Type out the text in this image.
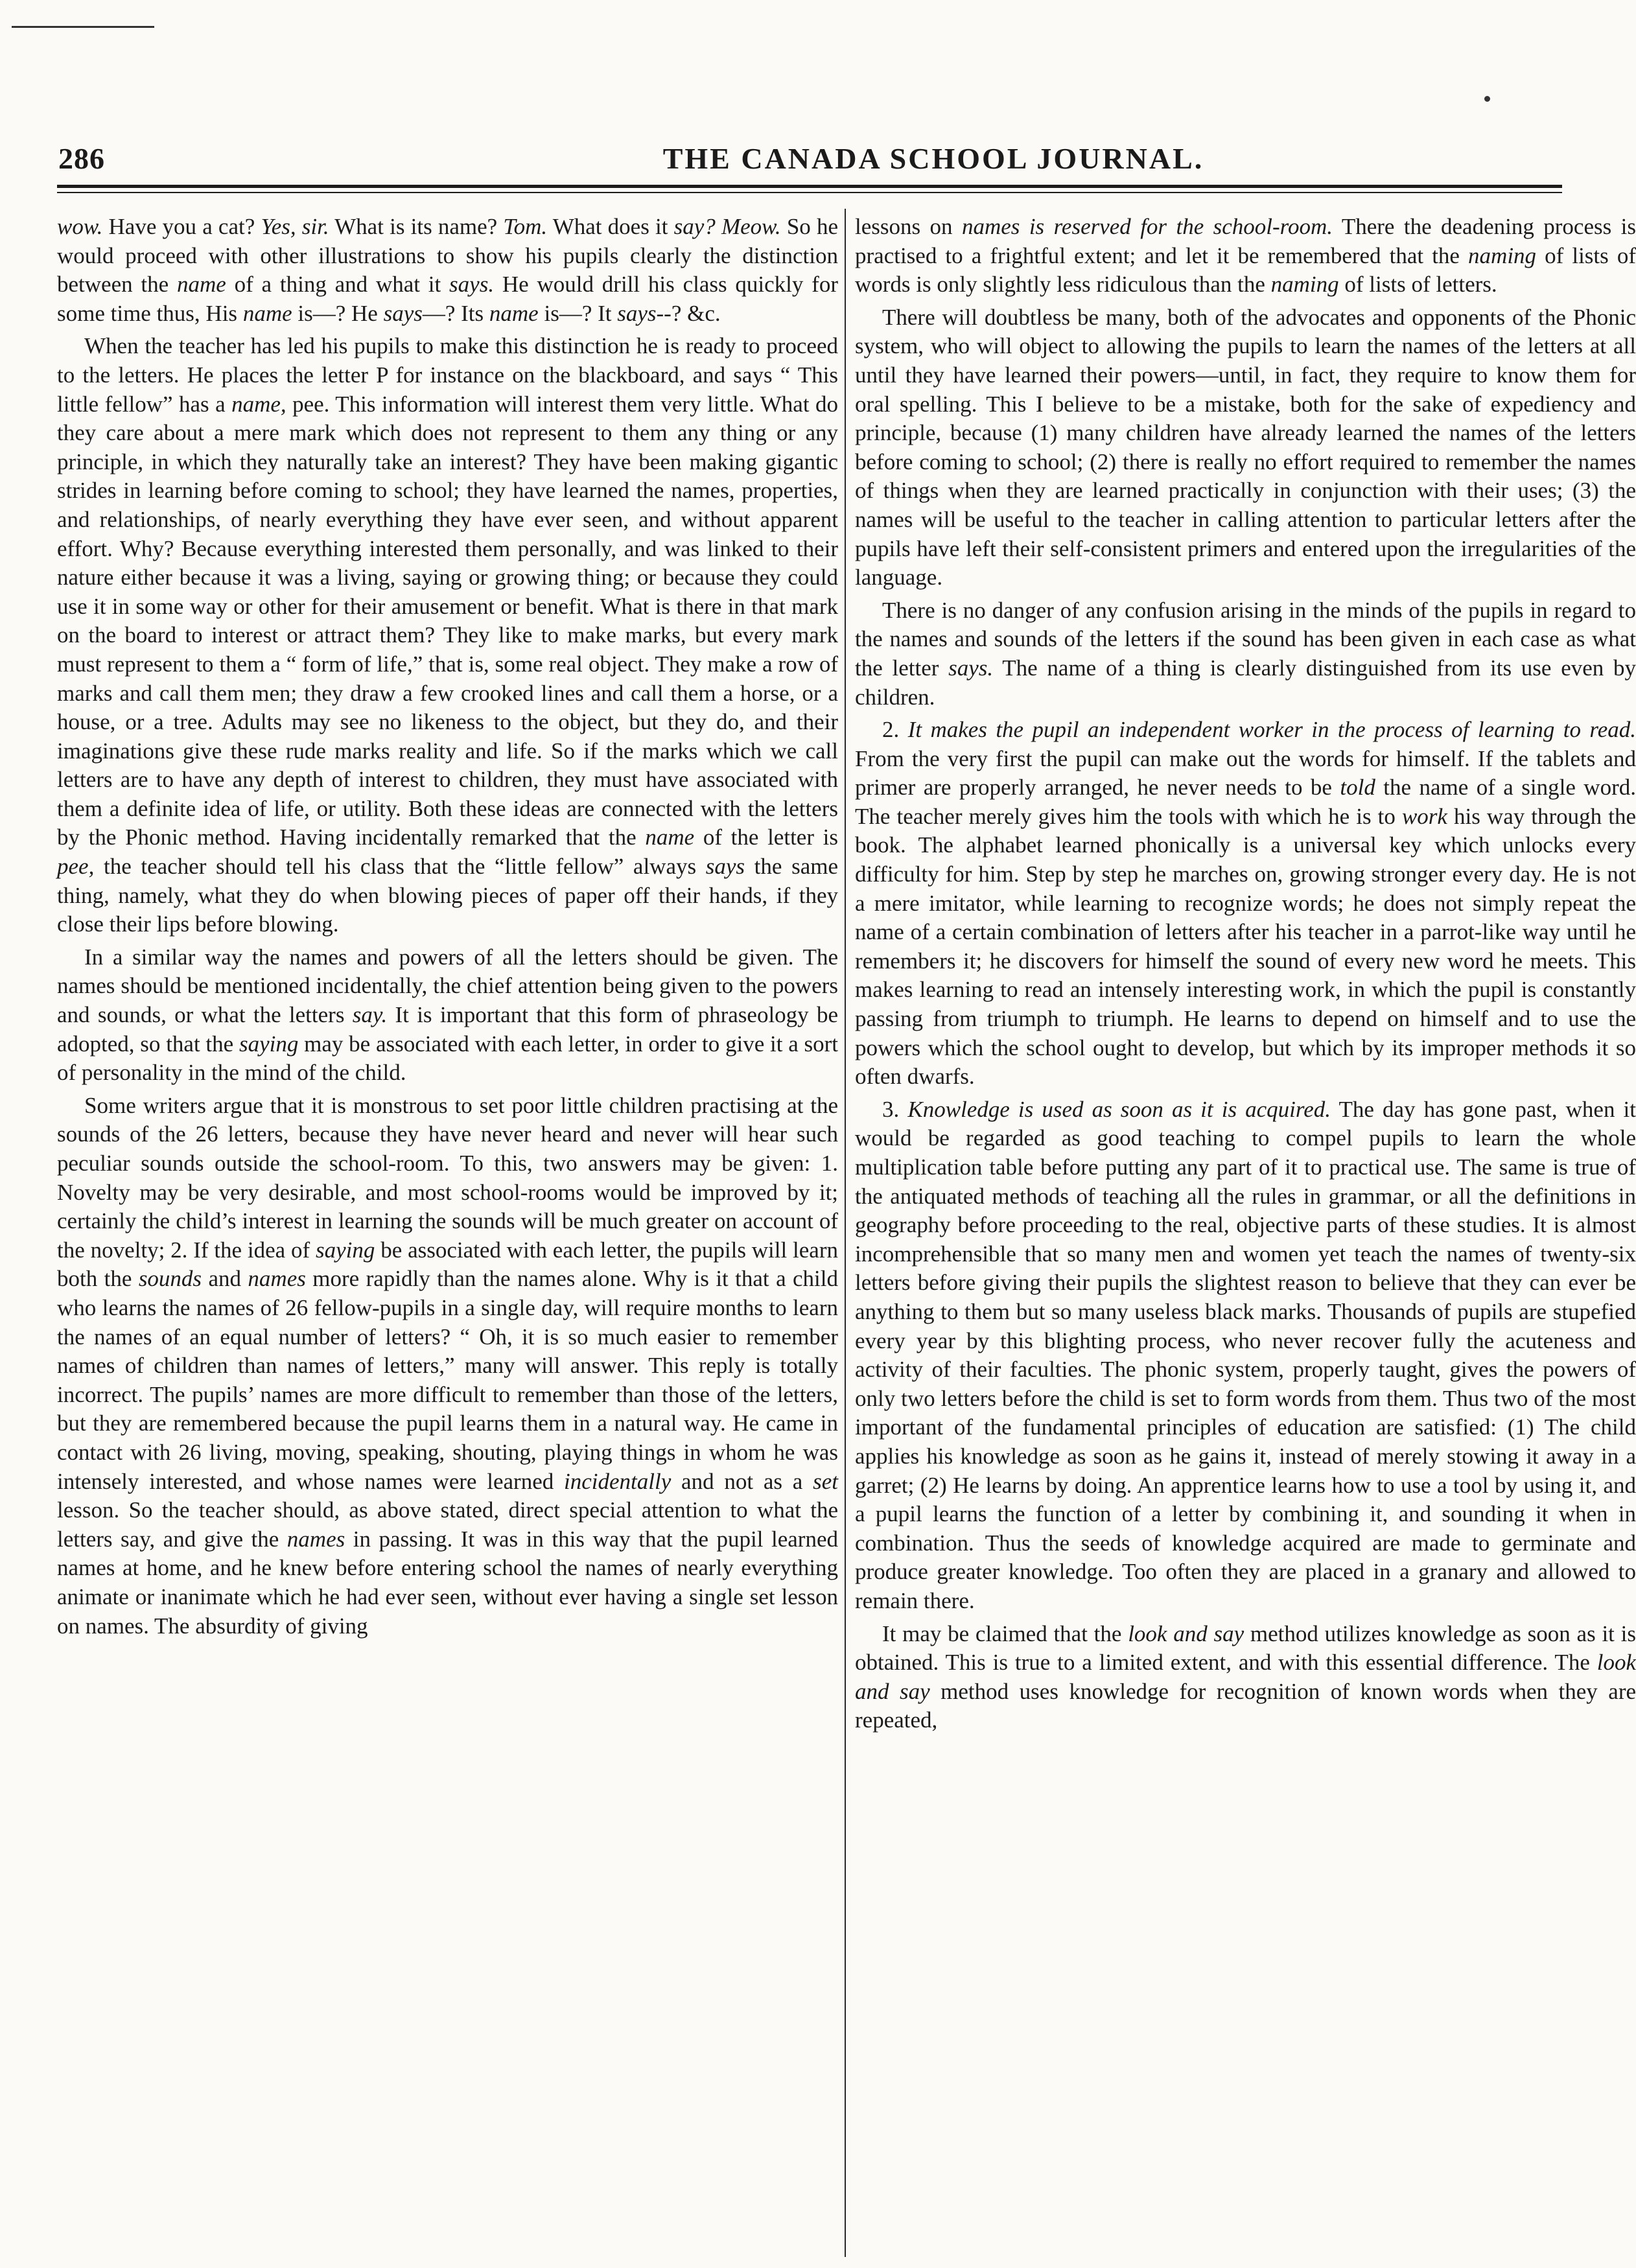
286	THE CANADA SCHOOL JOURNAL.

wow. Have you a cat? Yes, sir. What is its name? Tom. What does it say? Meow. So he would proceed with other illustrations to show his pupils clearly the distinction between the name of a thing and what it says. He would drill his class quickly for some time thus, His name is—? He says—? Its name is—? It says--? &c.

When the teacher has led his pupils to make this distinction he is ready to proceed to the letters. He places the letter P for instance on the blackboard, and says “ This little fellow” has a name, pee. This information will interest them very little. What do they care about a mere mark which does not represent to them any thing or any principle, in which they naturally take an interest? They have been making gigantic strides in learning before coming to school; they have learned the names, properties, and relationships, of nearly everything they have ever seen, and without apparent effort. Why? Because everything interested them personally, and was linked to their nature either because it was a living, saying or growing thing; or because they could use it in some way or other for their amusement or benefit. What is there in that mark on the board to interest or attract them? They like to make marks, but every mark must represent to them a “ form of life,” that is, some real object. They make a row of marks and call them men; they draw a few crooked lines and call them a horse, or a house, or a tree. Adults may see no likeness to the object, but they do, and their imaginations give these rude marks reality and life. So if the marks which we call letters are to have any depth of interest to children, they must have associated with them a definite idea of life, or utility. Both these ideas are connected with the letters by the Phonic method. Having incidentally remarked that the name of the letter is pee, the teacher should tell his class that the “little fellow” always says the same thing, namely, what they do when blowing pieces of paper off their hands, if they close their lips before blowing.

In a similar way the names and powers of all the letters should be given. The names should be mentioned incidentally, the chief attention being given to the powers and sounds, or what the letters say. It is important that this form of phraseology be adopted, so that the saying may be associated with each letter, in order to give it a sort of personality in the mind of the child.

Some writers argue that it is monstrous to set poor little children practising at the sounds of the 26 letters, because they have never heard and never will hear such peculiar sounds outside the school-room. To this, two answers may be given: 1. Novelty may be very desirable, and most school-rooms would be improved by it; certainly the child’s interest in learning the sounds will be much greater on account of the novelty; 2. If the idea of saying be associated with each letter, the pupils will learn both the sounds and names more rapidly than the names alone. Why is it that a child who learns the names of 26 fellow-pupils in a single day, will require months to learn the names of an equal number of letters? “ Oh, it is so much easier to remember names of children than names of letters,” many will answer. This reply is totally incorrect. The pupils’ names are more difficult to remember than those of the letters, but they are remembered because the pupil learns them in a natural way. He came in contact with 26 living, moving, speaking, shouting, playing things in whom he was intensely interested, and whose names were learned incidentally and not as a set lesson. So the teacher should, as above stated, direct special attention to what the letters say, and give the names in passing. It was in this way that the pupil learned names at home, and he knew before entering school the names of nearly everything animate or inanimate which he had ever seen, without ever having a single set lesson on names. The absurdity of giving

lessons on names is reserved for the school-room. There the deadening process is practised to a frightful extent; and let it be remembered that the naming of lists of words is only slightly less ridiculous than the naming of lists of letters.

There will doubtless be many, both of the advocates and opponents of the Phonic system, who will object to allowing the pupils to learn the names of the letters at all until they have learned their powers—until, in fact, they require to know them for oral spelling. This I believe to be a mistake, both for the sake of expediency and principle, because (1) many children have already learned the names of the letters before coming to school; (2) there is really no effort required to remember the names of things when they are learned practically in conjunction with their uses; (3) the names will be useful to the teacher in calling attention to particular letters after the pupils have left their self-consistent primers and entered upon the irregularities of the language.

There is no danger of any confusion arising in the minds of the pupils in regard to the names and sounds of the letters if the sound has been given in each case as what the letter says. The name of a thing is clearly distinguished from its use even by children.

2. It makes the pupil an independent worker in the process of learning to read. From the very first the pupil can make out the words for himself. If the tablets and primer are properly arranged, he never needs to be told the name of a single word. The teacher merely gives him the tools with which he is to work his way through the book. The alphabet learned phonically is a universal key which unlocks every difficulty for him. Step by step he marches on, growing stronger every day. He is not a mere imitator, while learning to recognize words; he does not simply repeat the name of a certain combination of letters after his teacher in a parrot-like way until he remembers it; he discovers for himself the sound of every new word he meets. This makes learning to read an intensely interesting work, in which the pupil is constantly passing from triumph to triumph. He learns to depend on himself and to use the powers which the school ought to develop, but which by its improper methods it so often dwarfs.

3. Knowledge is used as soon as it is acquired. The day has gone past, when it would be regarded as good teaching to compel pupils to learn the whole multiplication table before putting any part of it to practical use. The same is true of the antiquated methods of teaching all the rules in grammar, or all the definitions in geography before proceeding to the real, objective parts of these studies. It is almost incomprehensible that so many men and women yet teach the names of twenty-six letters before giving their pupils the slightest reason to believe that they can ever be anything to them but so many useless black marks. Thousands of pupils are stupefied every year by this blighting process, who never recover fully the acuteness and activity of their faculties. The phonic system, properly taught, gives the powers of only two letters before the child is set to form words from them. Thus two of the most important of the fundamental principles of education are satisfied: (1) The child applies his knowledge as soon as he gains it, instead of merely stowing it away in a garret; (2) He learns by doing. An apprentice learns how to use a tool by using it, and a pupil learns the function of a letter by combining it, and sounding it when in combination. Thus the seeds of knowledge acquired are made to germinate and produce greater knowledge. Too often they are placed in a granary and allowed to remain there.

It may be claimed that the look and say method utilizes knowledge as soon as it is obtained. This is true to a limited extent, and with this essential difference. The look and say method uses knowledge for recognition of known words when they are repeated,
